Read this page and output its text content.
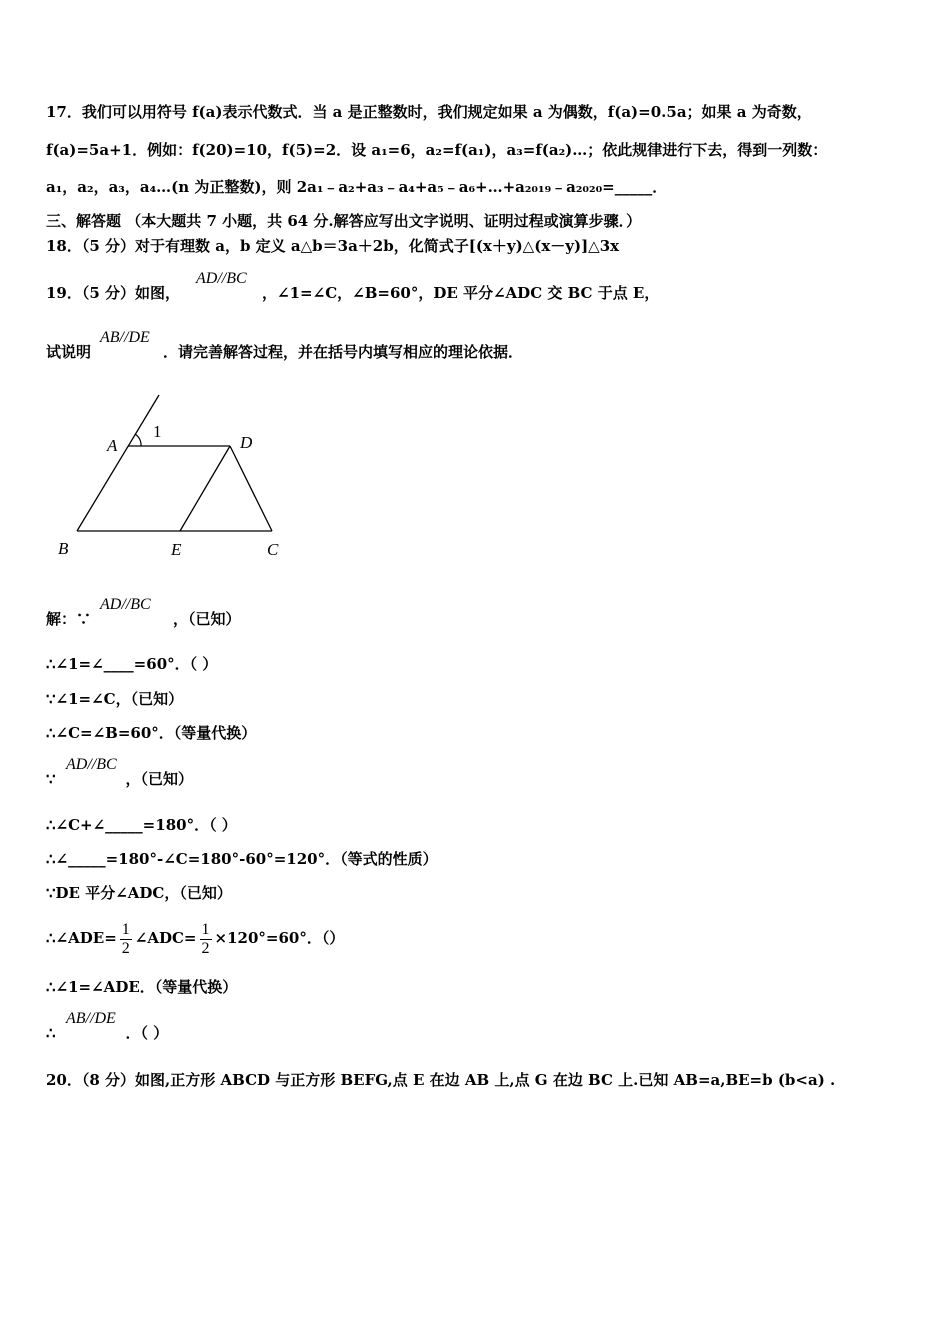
17．我们可以用符号 f(a)表示代数式．当 a 是正整数时，我们规定如果 a 为偶数，f(a)=0.5a；如果 a 为奇数，
f(a)=5a+1．例如：f(20)=10，f(5)=2．设 a₁=6，a₂=f(a₁)，a₃=f(a₂)…；依此规律进行下去，得到一列数：
a₁，a₂，a₃，a₄…(n 为正整数)，则 2a₁﹣a₂+a₃﹣a₄+a₅﹣a₆+…+a₂₀₁₉﹣a₂₀₂₀=_____．
三、解答题 （本大题共 7 小题，共 64 分.解答应写出文字说明、证明过程或演算步骤．）
18．（5 分）对于有理数 a，b 定义 a△b＝3a＋2b，化简式子[(x＋y)△(x－y)]△3x
AD//BC
19．（5 分）如图，	，∠1=∠C，∠B=60°，DE 平分∠ADC 交 BC 于点 E，
AB//DE
试说明	．请完善解答过程，并在括号内填写相应的理论依据．
A
1
D
B	E	C
AD//BC
解：∵	，（已知）
∴∠1=∠____=60°．（ ）
∵∠1=∠C，（已知）
∴∠C=∠B=60°．（等量代换）
AD//BC
∵	，（已知）
∴∠C+∠_____=180°．（ ）
∴∠_____=180°-∠C=180°-60°=120°．（等式的性质）
∵DE 平分∠ADC，（已知）
∴∠ADE= $\frac{1}{2}$ ∠ADC= $\frac{1}{2} \times 120^\circ=60^\circ$．（）
∴∠1=∠ADE．（等量代换）
AB//DE
∴	．（ ）
20．（8 分）如图,正方形 ABCD 与正方形 BEFG,点 E 在边 AB 上,点 G 在边 BC 上.已知 AB=a,BE=b (b<a) .
